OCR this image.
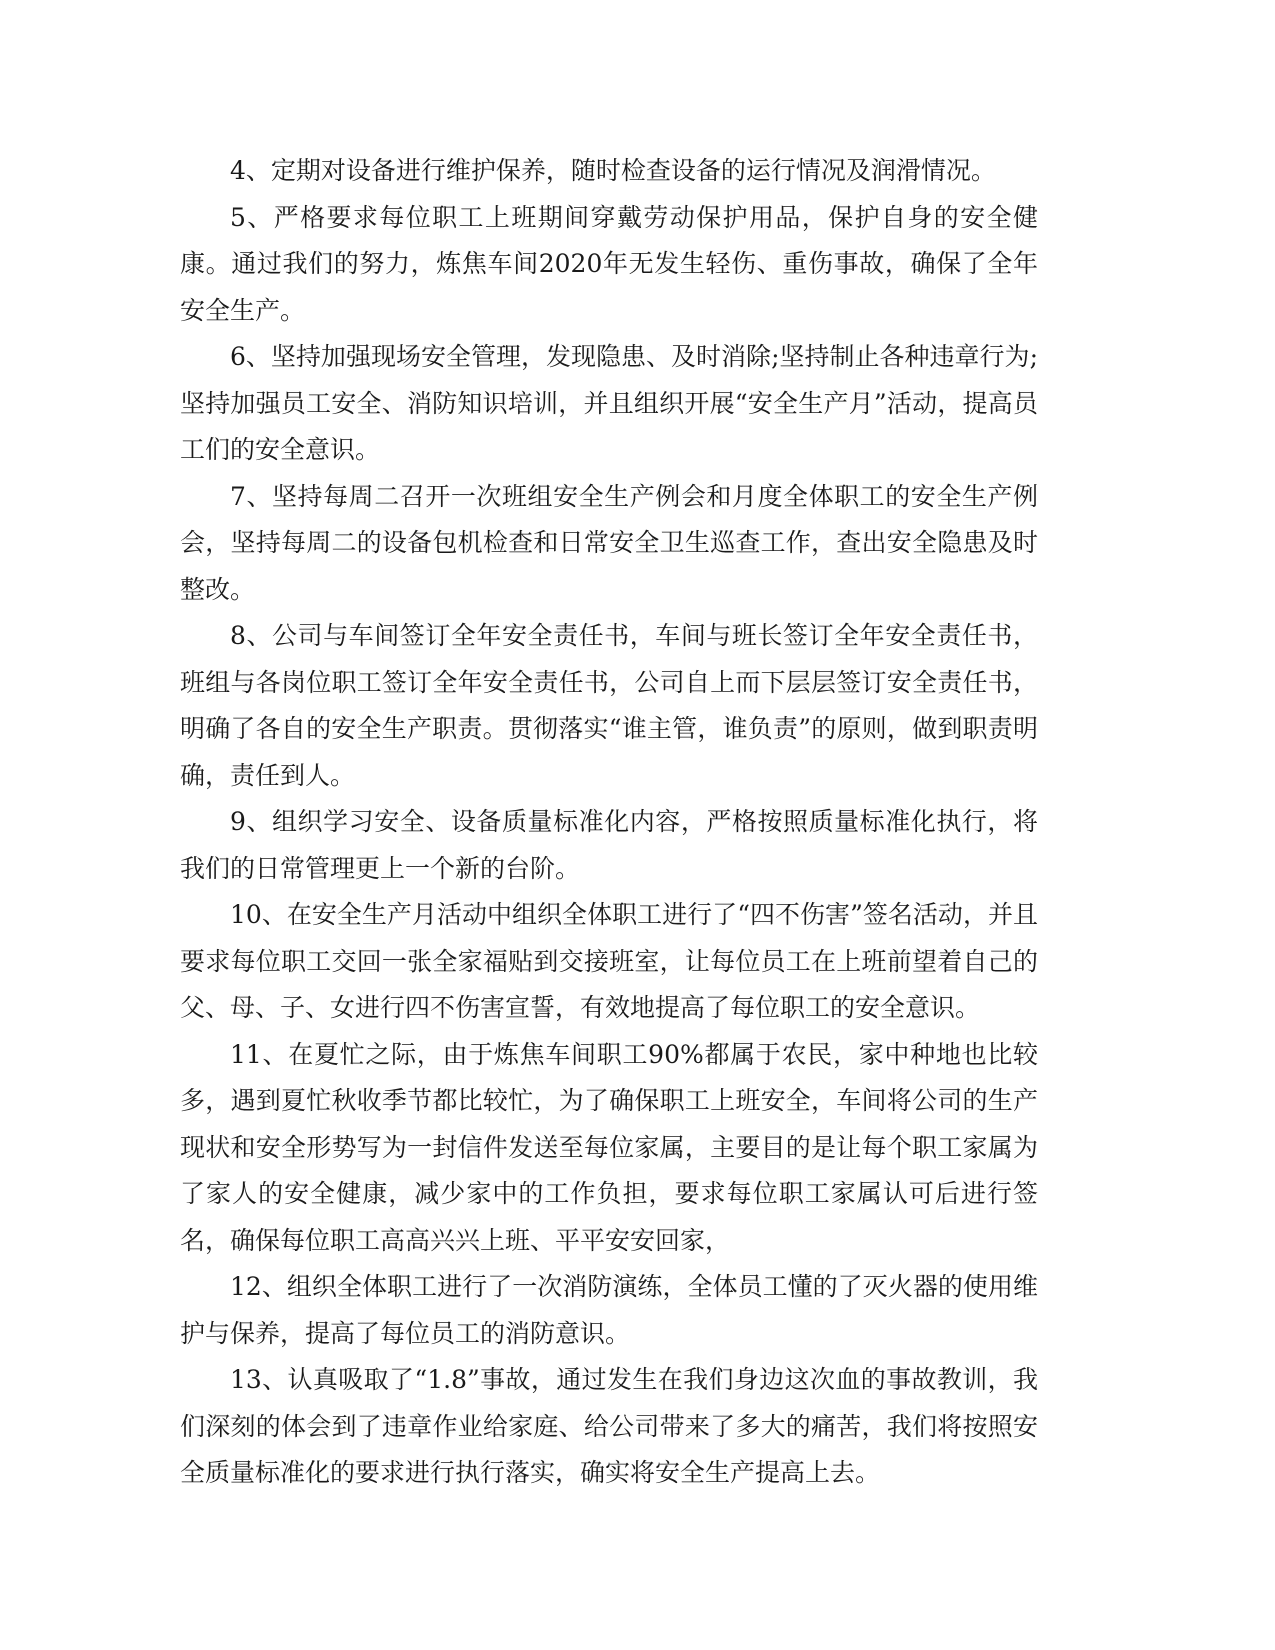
4、定期对设备进行维护保养，随时检查设备的运行情况及润滑情况。

5、严格要求每位职工上班期间穿戴劳动保护用品，保护自身的安全健康。通过我们的努力，炼焦车间2020年无发生轻伤、重伤事故，确保了全年安全生产。

6、坚持加强现场安全管理，发现隐患、及时消除;坚持制止各种违章行为;坚持加强员工安全、消防知识培训，并且组织开展“安全生产月”活动，提高员工们的安全意识。

7、坚持每周二召开一次班组安全生产例会和月度全体职工的安全生产例会，坚持每周二的设备包机检查和日常安全卫生巡查工作，查出安全隐患及时整改。

8、公司与车间签订全年安全责任书，车间与班长签订全年安全责任书，班组与各岗位职工签订全年安全责任书，公司自上而下层层签订安全责任书，明确了各自的安全生产职责。贯彻落实“谁主管，谁负责”的原则，做到职责明确，责任到人。

9、组织学习安全、设备质量标准化内容，严格按照质量标准化执行，将我们的日常管理更上一个新的台阶。

10、在安全生产月活动中组织全体职工进行了“四不伤害”签名活动，并且要求每位职工交回一张全家福贴到交接班室，让每位员工在上班前望着自己的父、母、子、女进行四不伤害宣誓，有效地提高了每位职工的安全意识。

11、在夏忙之际，由于炼焦车间职工90%都属于农民，家中种地也比较多，遇到夏忙秋收季节都比较忙，为了确保职工上班安全，车间将公司的生产现状和安全形势写为一封信件发送至每位家属，主要目的是让每个职工家属为了家人的安全健康，减少家中的工作负担，要求每位职工家属认可后进行签名，确保每位职工高高兴兴上班、平平安安回家，

12、组织全体职工进行了一次消防演练，全体员工懂的了灭火器的使用维护与保养，提高了每位员工的消防意识。

13、认真吸取了“1.8”事故，通过发生在我们身边这次血的事故教训，我们深刻的体会到了违章作业给家庭、给公司带来了多大的痛苦，我们将按照安全质量标准化的要求进行执行落实，确实将安全生产提高上去。
